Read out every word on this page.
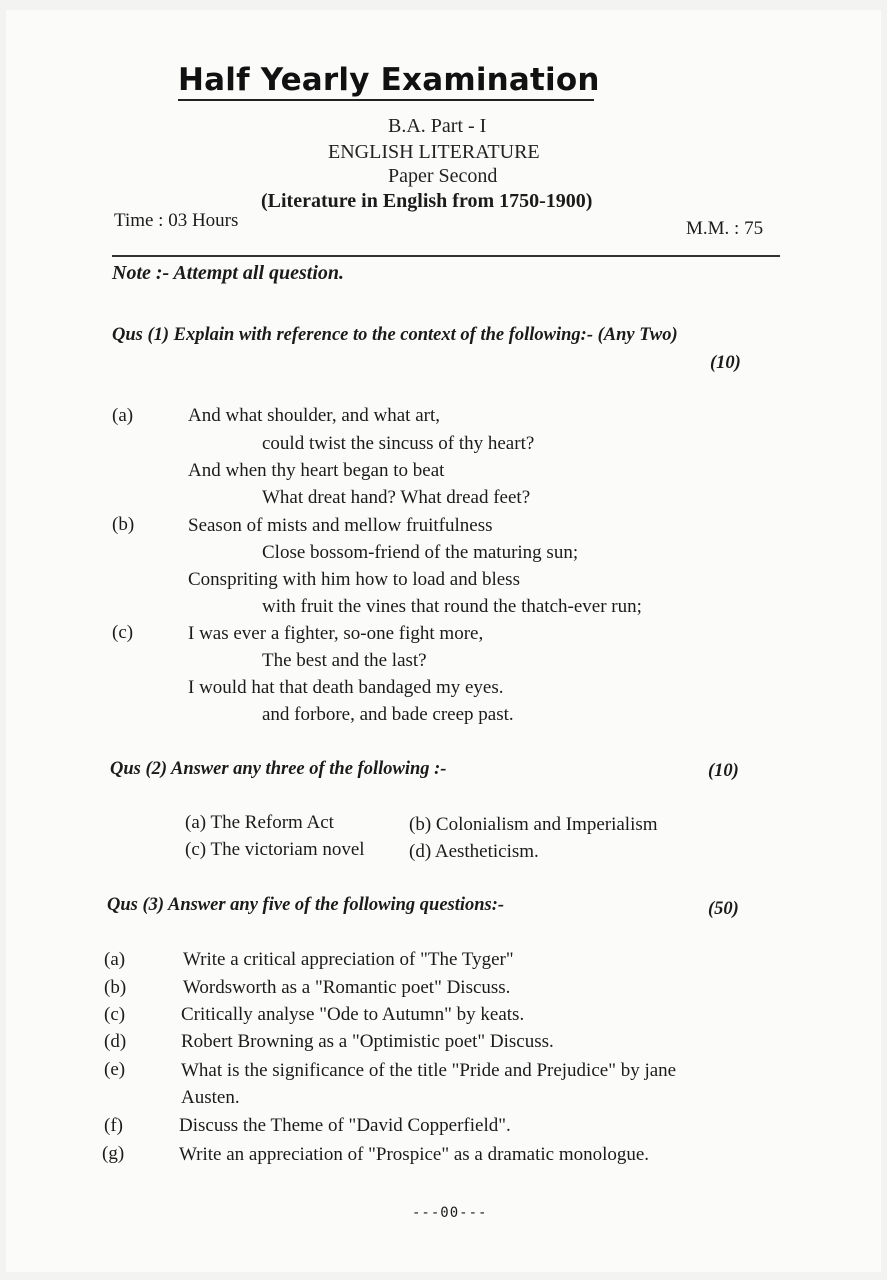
Half Yearly Examination
B.A. Part - I
ENGLISH LITERATURE
Paper Second
(Literature in English from 1750-1900)
Time : 03 Hours	M.M. : 75
Note :- Attempt all question.
Qus (1) Explain with reference to the context of the following:- (Any Two)
(10)
(a)	And what shoulder, and what art,
could twist the sincuss of thy heart?
And when thy heart began to beat
What dreat hand? What dread feet?
(b)	Season of mists and mellow fruitfulness
Close bossom-friend of the maturing sun;
Conspriting with him how to load and bless
with fruit the vines that round the thatch-ever run;
(c)	I was ever a fighter, so-one fight more,
The best and the last?
I would hat that death bandaged my eyes.
and forbore, and bade creep past.
Qus (2) Answer any three of the following :-	(10)
(a) The Reform Act	(b) Colonialism and Imperialism
(c) The victoriam novel (d) Aestheticism.
Qus (3) Answer any five of the following questions:-	(50)
(a)	Write a critical appreciation of "The Tyger"
(b)	Wordsworth as a "Romantic poet" Discuss.
(c)	Critically analyse "Ode to Autumn" by keats.
(d)	Robert Browning as a "Optimistic poet" Discuss.
(e)	What is the significance of the title "Pride and Prejudice" by jane
Austen.
(f)	Discuss the Theme of "David Copperfield".
(g)	Write an appreciation of "Prospice" as a dramatic monologue.
---00---
